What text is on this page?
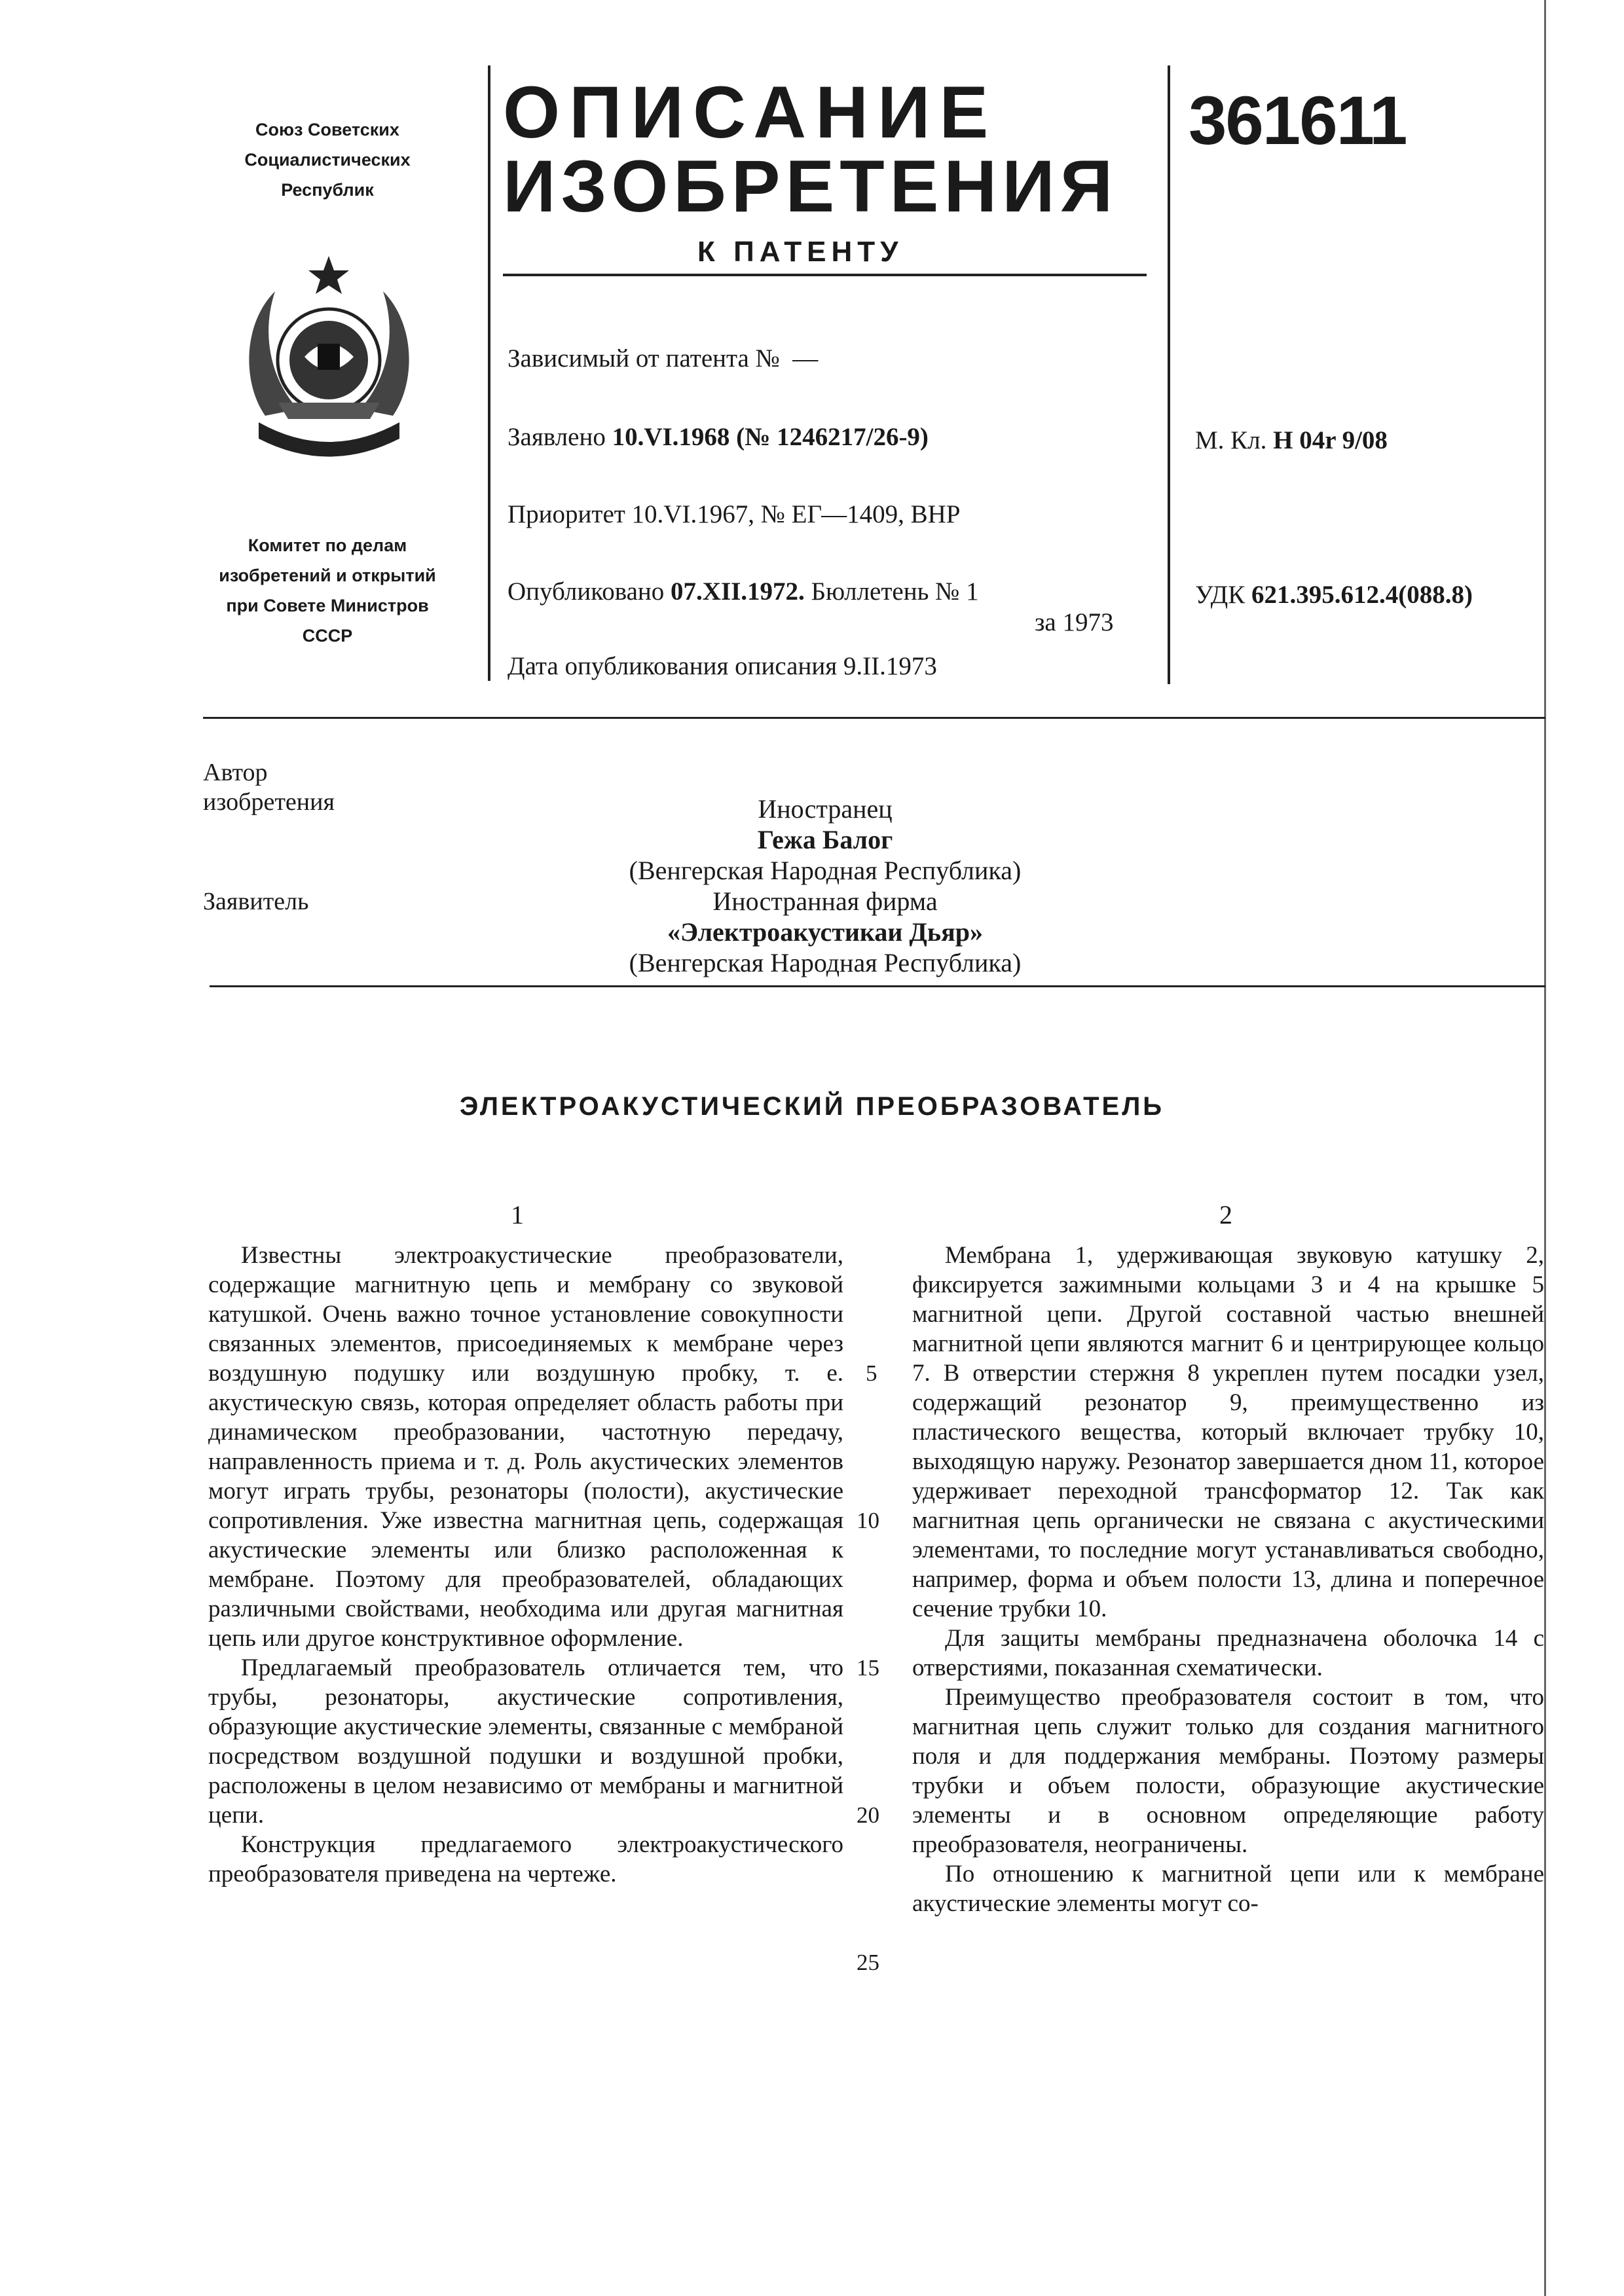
Союз Советских
Социалистических
Республик
Комитет по делам
изобретений и открытий
при Совете Министров
СССР
ОПИСАНИЕ
ИЗОБРЕТЕНИЯ
К ПАТЕНТУ
361611
Зависимый от патента № —
Заявлено 10.VI.1968 (№ 1246217/26-9)
Приоритет 10.VI.1967, № ЕГ—1409, ВНР
Опубликовано 07.XII.1972. Бюллетень № 1
за 1973
Дата опубликования описания 9.II.1973
М. Кл. H 04r 9/08
УДК 621.395.612.4(088.8)
Автор
изобретения
Заявитель
Иностранец
Гежа Балог
(Венгерская Народная Республика)
Иностранная фирма
«Электроакустикаи Дьяр»
(Венгерская Народная Республика)
ЭЛЕКТРОАКУСТИЧЕСКИЙ ПРЕОБРАЗОВАТЕЛЬ
1	2

Известны электроакустические преобразователи, содержащие магнитную цепь и мембрану со звуковой катушкой. Очень важно точное установление совокупности связанных элементов, присоединяемых к мембране через воздушную подушку или воздушную пробку, т. е. акустическую связь, которая определяет область работы при динамическом преобразовании, частотную передачу, направленность приема и т. д. Роль акустических элементов могут играть трубы, резонаторы (полости), акустические сопротивления. Уже известна магнитная цепь, содержащая акустические элементы или близко расположенная к мембране. Поэтому для преобразователей, обладающих различными свойствами, необходима или другая магнитная цепь или другое конструктивное оформление.

Предлагаемый преобразователь отличается тем, что трубы, резонаторы, акустические сопротивления, образующие акустические элементы, связанные с мембраной посредством воздушной подушки и воздушной пробки, расположены в целом независимо от мембраны и магнитной цепи.

Конструкция предлагаемого электроакустического преобразователя приведена на чертеже.

5
10
15
20
25

Мембрана 1, удерживающая звуковую катушку 2, фиксируется зажимными кольцами 3 и 4 на крышке 5 магнитной цепи. Другой составной частью внешней магнитной цепи являются магнит 6 и центрирующее кольцо 7. В отверстии стержня 8 укреплен путем посадки узел, содержащий резонатор 9, преимущественно из пластического вещества, который включает трубку 10, выходящую наружу. Резонатор завершается дном 11, которое удерживает переходной трансформатор 12. Так как магнитная цепь органически не связана с акустическими элементами, то последние могут устанавливаться свободно, например, форма и объем полости 13, длина и поперечное сечение трубки 10.

Для защиты мембраны предназначена оболочка 14 с отверстиями, показанная схематически.

Преимущество преобразователя состоит в том, что магнитная цепь служит только для создания магнитного поля и для поддержания мембраны. Поэтому размеры трубки и объем полости, образующие акустические элементы и в основном определяющие работу преобразователя, неограничены.

По отношению к магнитной цепи или к мембране акустические элементы могут со-
